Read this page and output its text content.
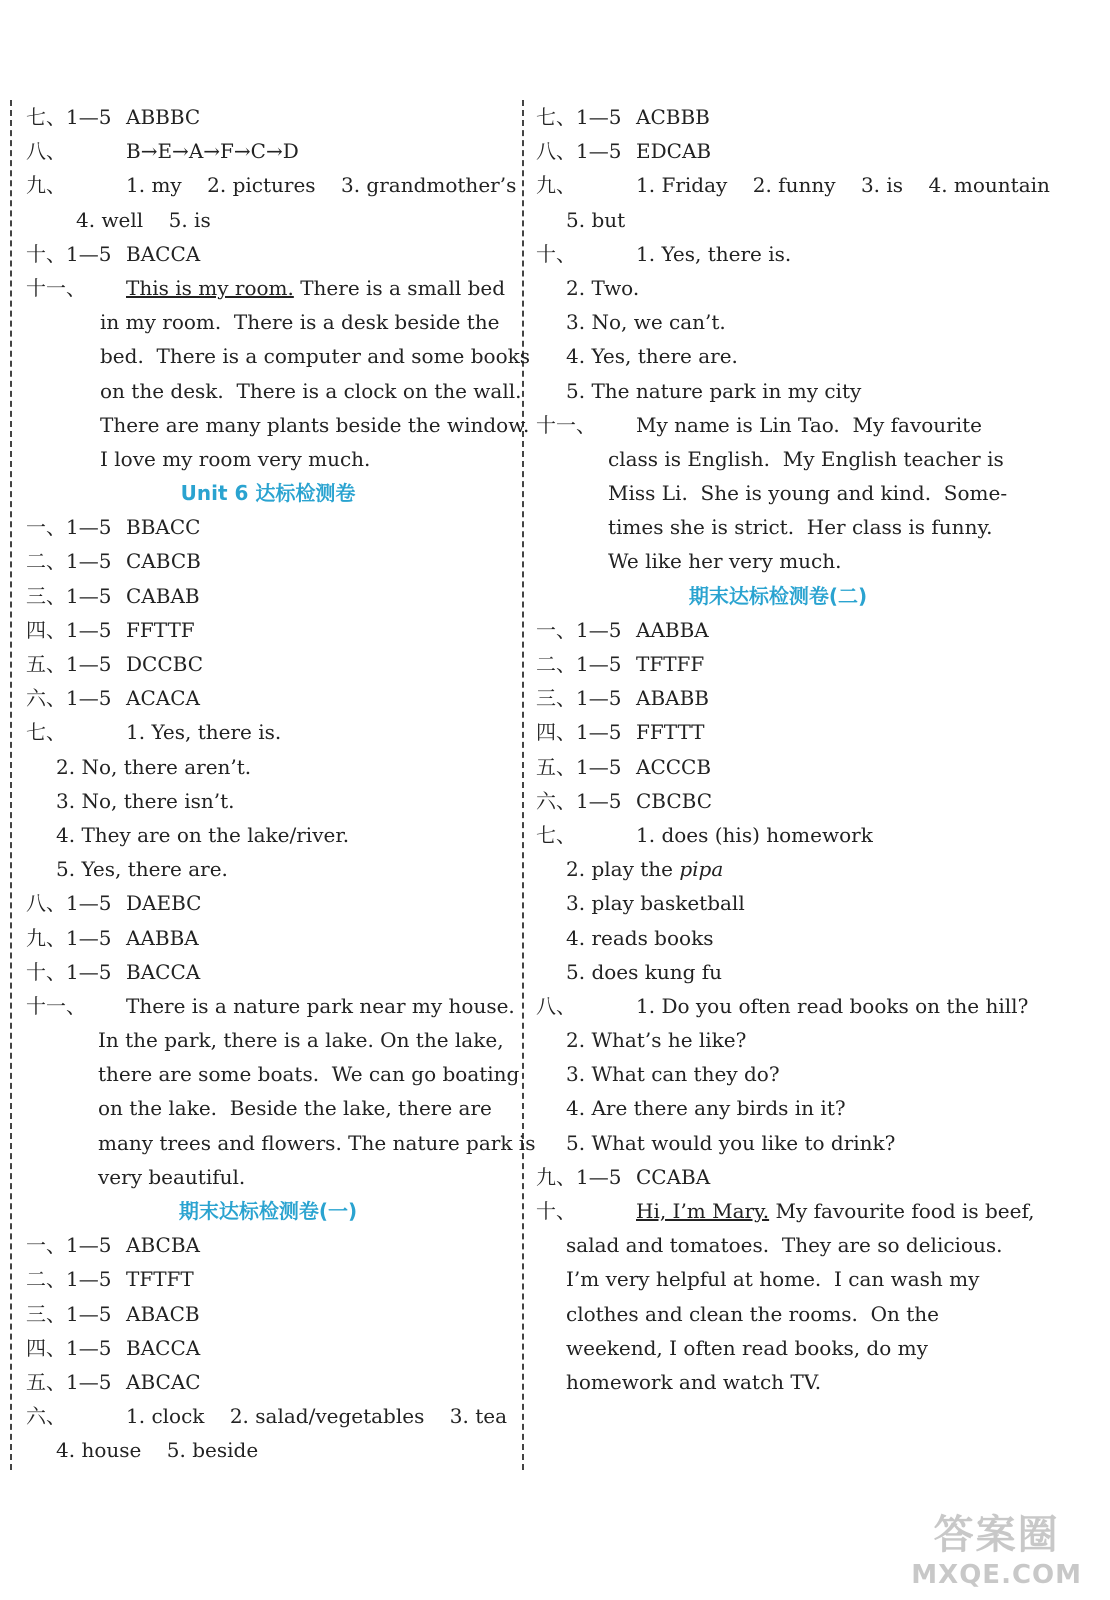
七、1—5 ABBBC
八、	B→E→A→F→C→D
九、	1. my    2. pictures    3. grandmother’s
4. well    5. is
十、1—5 BACCA
十一、 This is my room. There is a small bed
in my room.  There is a desk beside the
bed.  There is a computer and some books
on the desk.  There is a clock on the wall.
There are many plants beside the window.
I love my room very much.
Unit 6 达标检测卷
一、1—5 BBACC
二、1—5 CABCB
三、1—5 CABAB
四、1—5 FFTTF
五、1—5 DCCBC
六、1—5 ACACA
七、	1. Yes, there is.
2. No, there aren’t.
3. No, there isn’t.
4. They are on the lake/river.
5. Yes, there are.
八、1—5 DAEBC
九、1—5 AABBA
十、1—5 BACCA
十一、 There is a nature park near my house.
In the park, there is a lake. On the lake,
there are some boats.  We can go boating
on the lake.  Beside the lake, there are
many trees and flowers. The nature park is
very beautiful.
期末达标检测卷(一)
一、1—5 ABCBA
二、1—5 TFTFT
三、1—5 ABACB
四、1—5 BACCA
五、1—5 ABCAC
六、	1. clock    2. salad/vegetables    3. tea
4. house    5. beside
七、1—5 ACBBB
八、1—5 EDCAB
九、	1. Friday    2. funny    3. is    4. mountain
5. but
十、	1. Yes, there is.
2. Two.
3. No, we can’t.
4. Yes, there are.
5. The nature park in my city
十一、 My name is Lin Tao.  My favourite
class is English.  My English teacher is
Miss Li.  She is young and kind.  Some-
times she is strict.  Her class is funny.
We like her very much.
期末达标检测卷(二)
一、1—5 AABBA
二、1—5 TFTFF
三、1—5 ABABB
四、1—5 FFTTT
五、1—5 ACCCB
六、1—5 CBCBC
七、	1. does (his) homework
2. play the pipa
3. play basketball
4. reads books
5. does kung fu
八、	1. Do you often read books on the hill?
2. What’s he like?
3. What can they do?
4. Are there any birds in it?
5. What would you like to drink?
九、1—5 CCABA
十、	Hi, I’m Mary. My favourite food is beef,
salad and tomatoes.  They are so delicious.
I’m very helpful at home.  I can wash my
clothes and clean the rooms.  On the
weekend, I often read books, do my
homework and watch TV.
答案圈
MXQE.COM
